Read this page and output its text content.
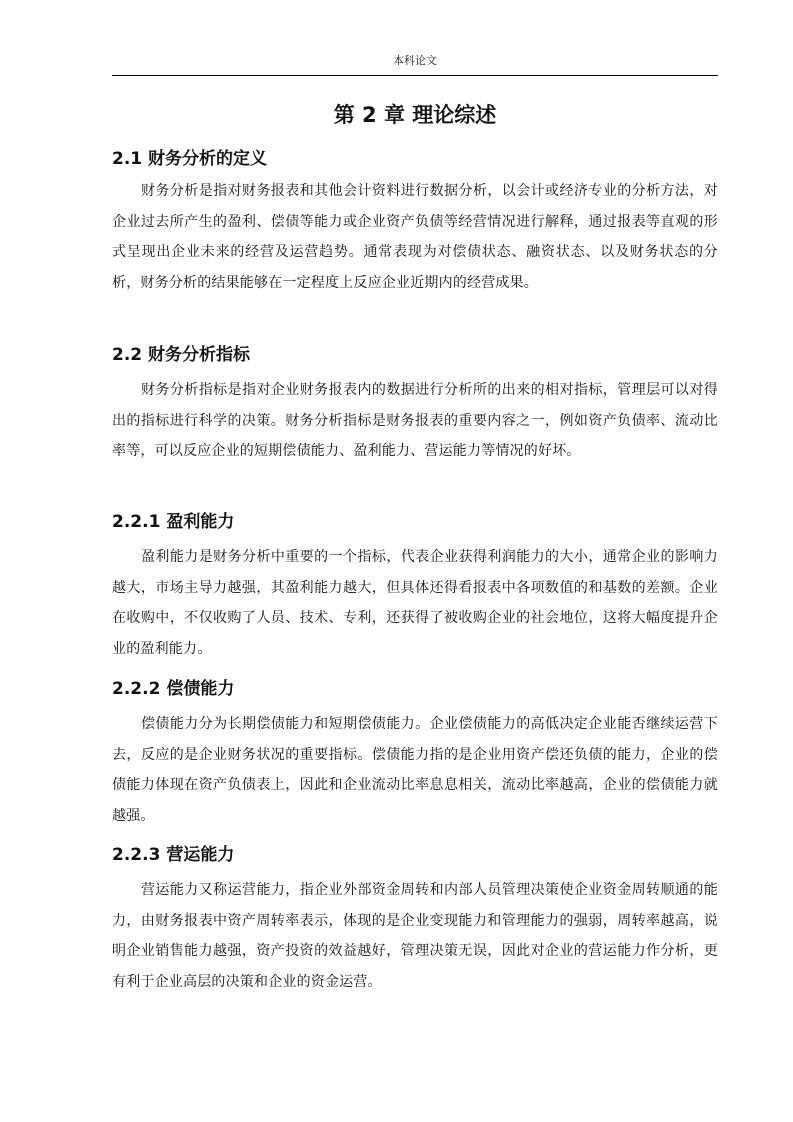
本科论文
第 2 章 理论综述
2.1 财务分析的定义

财务分析是指对财务报表和其他会计资料进行数据分析，以会计或经济专业的分析方法，对企业过去所产生的盈利、偿债等能力或企业资产负债等经营情况进行解释，通过报表等直观的形式呈现出企业未来的经营及运营趋势。通常表现为对偿债状态、融资状态、以及财务状态的分析，财务分析的结果能够在一定程度上反应企业近期内的经营成果。

2.2 财务分析指标

财务分析指标是指对企业财务报表内的数据进行分析所的出来的相对指标，管理层可以对得出的指标进行科学的决策。财务分析指标是财务报表的重要内容之一，例如资产负债率、流动比率等，可以反应企业的短期偿债能力、盈利能力、营运能力等情况的好坏。

2.2.1 盈利能力

盈利能力是财务分析中重要的一个指标，代表企业获得利润能力的大小，通常企业的影响力越大，市场主导力越强，其盈利能力越大，但具体还得看报表中各项数值的和基数的差额。企业在收购中，不仅收购了人员、技术、专利，还获得了被收购企业的社会地位，这将大幅度提升企业的盈利能力。

2.2.2 偿债能力

偿债能力分为长期偿债能力和短期偿债能力。企业偿债能力的高低决定企业能否继续运营下去，反应的是企业财务状况的重要指标。偿债能力指的是企业用资产偿还负债的能力，企业的偿债能力体现在资产负债表上，因此和企业流动比率息息相关，流动比率越高，企业的偿债能力就越强。

2.2.3 营运能力

营运能力又称运营能力，指企业外部资金周转和内部人员管理决策使企业资金周转顺通的能力，由财务报表中资产周转率表示，体现的是企业变现能力和管理能力的强弱，周转率越高，说明企业销售能力越强，资产投资的效益越好，管理决策无误，因此对企业的营运能力作分析，更有利于企业高层的决策和企业的资金运营。
